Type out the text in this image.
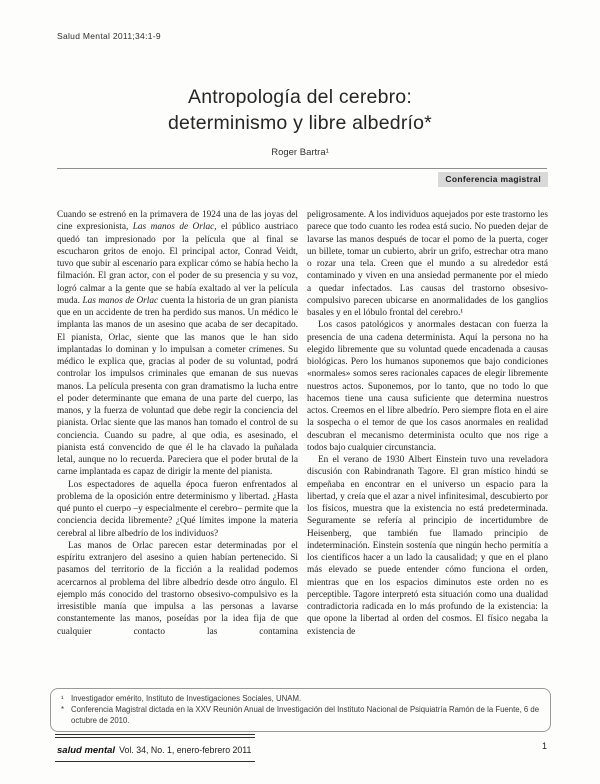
Salud Mental 2011;34:1-9
Antropología del cerebro:
determinismo y libre albedrío*
Roger Bartra¹
Conferencia magistral

Cuando se estrenó en la primavera de 1924 una de las joyas del cine expresionista, Las manos de Orlac, el público austriaco quedó tan impresionado por la película que al final se escucharon gritos de enojo. El principal actor, Conrad Veidt, tuvo que subir al escenario para explicar cómo se había hecho la filmación. El gran actor, con el poder de su presencia y su voz, logró calmar a la gente que se había exaltado al ver la película muda. Las manos de Orlac cuenta la historia de un gran pianista que en un accidente de tren ha perdido sus manos. Un médico le implanta las manos de un asesino que acaba de ser decapitado. El pianista, Orlac, siente que las manos que le han sido implantadas lo dominan y lo impulsan a cometer crímenes. Su médico le explica que, gracias al poder de su voluntad, podrá controlar los impulsos criminales que emanan de sus nuevas manos. La película presenta con gran dramatismo la lucha entre el poder determinante que emana de una parte del cuerpo, las manos, y la fuerza de voluntad que debe regir la conciencia del pianista. Orlac siente que las manos han tomado el control de su conciencia. Cuando su padre, al que odia, es asesinado, el pianista está convencido de que él le ha clavado la puñalada letal, aunque no lo recuerda. Pareciera que el poder brutal de la carne implantada es capaz de dirigir la mente del pianista.

Los espectadores de aquella época fueron enfrentados al problema de la oposición entre determinismo y libertad. ¿Hasta qué punto el cuerpo –y especialmente el cerebro– permite que la conciencia decida libremente? ¿Qué límites impone la materia cerebral al libre albedrío de los individuos?

Las manos de Orlac parecen estar determinadas por el espíritu extranjero del asesino a quien habían pertenecido. Si pasamos del territorio de la ficción a la realidad podemos acercarnos al problema del libre albedrío desde otro ángulo. El ejemplo más conocido del trastorno obsesivo-compulsivo es la irresistible manía que impulsa a las personas a lavarse constantemente las manos, poseídas por la idea fija de que cualquier contacto las contamina

peligrosamente. A los individuos aquejados por este trastorno les parece que todo cuanto les rodea está sucio. No pueden dejar de lavarse las manos después de tocar el pomo de la puerta, coger un billete, tomar un cubierto, abrir un grifo, estrechar otra mano o rozar una tela. Creen que el mundo a su alrededor está contaminado y viven en una ansiedad permanente por el miedo a quedar infectados. Las causas del trastorno obsesivo-compulsivo parecen ubicarse en anormalidades de los ganglios basales y en el lóbulo frontal del cerebro.¹

Los casos patológicos y anormales destacan con fuerza la presencia de una cadena determinista. Aquí la persona no ha elegido libremente que su voluntad quede encadenada a causas biológicas. Pero los humanos suponemos que bajo condiciones «normales» somos seres racionales capaces de elegir libremente nuestros actos. Suponemos, por lo tanto, que no todo lo que hacemos tiene una causa suficiente que determina nuestros actos. Creemos en el libre albedrío. Pero siempre flota en el aire la sospecha o el temor de que los casos anormales en realidad descubran el mecanismo determinista oculto que nos rige a todos bajo cualquier circunstancia.

En el verano de 1930 Albert Einstein tuvo una reveladora discusión con Rabindranath Tagore. El gran místico hindú se empeñaba en encontrar en el universo un espacio para la libertad, y creía que el azar a nivel infinitesimal, descubierto por los físicos, muestra que la existencia no está predeterminada. Seguramente se refería al principio de incertidumbre de Heisenberg, que también fue llamado principio de indeterminación. Einstein sostenía que ningún hecho permitía a los científicos hacer a un lado la causalidad; y que en el plano más elevado se puede entender cómo funciona el orden, mientras que en los espacios diminutos este orden no es perceptible. Tagore interpretó esta situación como una dualidad contradictoria radicada en lo más profundo de la existencia: la que opone la libertad al orden del cosmos. El físico negaba la existencia de

¹ Investigador emérito, Instituto de Investigaciones Sociales, UNAM.
* Conferencia Magistral dictada en la XXV Reunión Anual de Investigación del Instituto Nacional de Psiquiatría Ramón de la Fuente, 6 de octubre de 2010.
salud mental Vol. 34, No. 1, enero-febrero 2011	1
